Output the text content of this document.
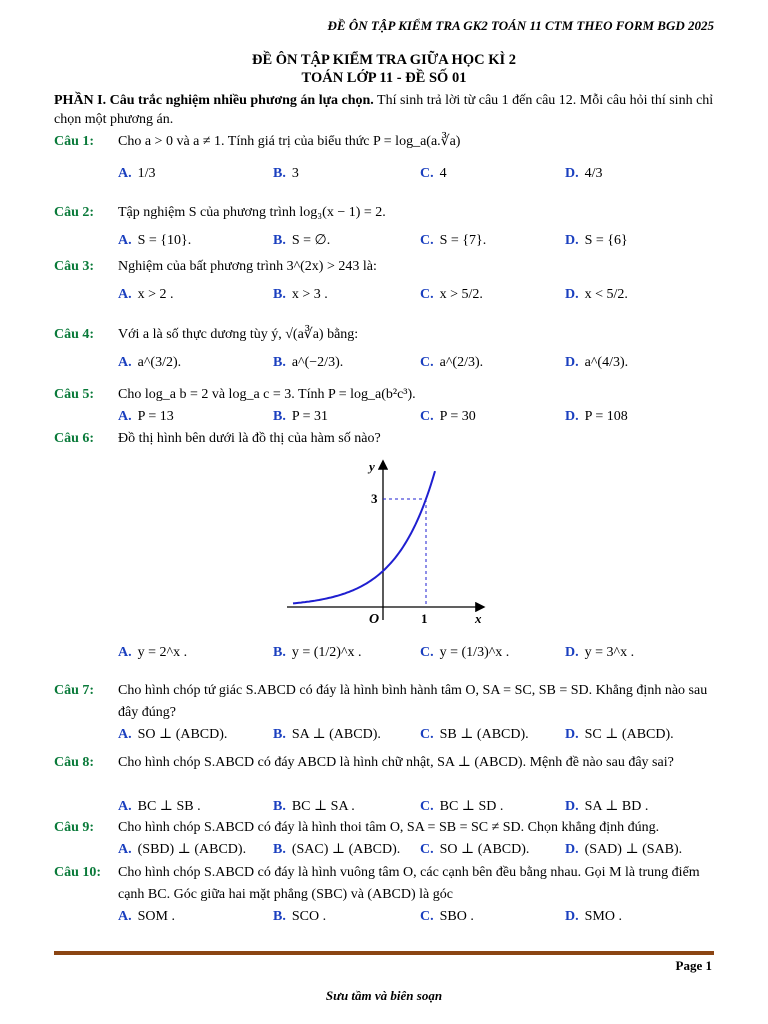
ĐỀ ÔN TẬP KIỂM TRA GK2 TOÁN 11 CTM THEO FORM BGD 2025
ĐỀ ÔN TẬP KIỂM TRA GIỮA HỌC KÌ 2
TOÁN LỚP 11 - ĐỀ SỐ 01
PHẦN I. Câu trắc nghiệm nhiều phương án lựa chọn. Thí sinh trả lời từ câu 1 đến câu 12. Mỗi câu hỏi thí sinh chỉ chọn một phương án.
Câu 1: Cho a > 0 và a ≠ 1. Tính giá trị của biểu thức P = log_a(a.∛a)
A. 1/3	B. 3	C. 4	D. 4/3
Câu 2: Tập nghiệm S của phương trình log₃(x − 1) = 2.
A. S = {10}.	B. S = ∅.	C. S = {7}.	D. S = {6}
Câu 3: Nghiệm của bất phương trình 3^(2x) > 243 là:
A. x > 2 .	B. x > 3 .	C. x > 5/2.	D. x < 5/2.
Câu 4: Với a là số thực dương tùy ý, √(a∛a) bằng:
A. a^(3/2).	B. a^(−2/3).	C. a^(2/3).	D. a^(4/3).
Câu 5: Cho log_a b = 2 và log_a c = 3. Tính P = log_a(b²c³).
A. P = 13	B. P = 31	C. P = 30	D. P = 108
Câu 6: Đồ thị hình bên dưới là đồ thị của hàm số nào?
A. y = 2^x .	B. y = (1/2)^x .	C. y = (1/3)^x .	D. y = 3^x .
Câu 7: Cho hình chóp tứ giác S.ABCD có đáy là hình bình hành tâm O, SA = SC, SB = SD. Khẳng định nào sau đây đúng?
A. SO ⊥ (ABCD).	B. SA ⊥ (ABCD).	C. SB ⊥ (ABCD).	D. SC ⊥ (ABCD).
Câu 8: Cho hình chóp S.ABCD có đáy ABCD là hình chữ nhật, SA ⊥ (ABCD). Mệnh đề nào sau đây sai?
A. BC ⊥ SB .	B. BC ⊥ SA .	C. BC ⊥ SD .	D. SA ⊥ BD .
Câu 9: Cho hình chóp S.ABCD có đáy là hình thoi tâm O, SA = SB = SC ≠ SD. Chọn khẳng định đúng.
A. (SBD) ⊥ (ABCD). B. (SAC) ⊥ (ABCD). C. SO ⊥ (ABCD).	D. (SAD) ⊥ (SAB).
Câu 10: Cho hình chóp S.ABCD có đáy là hình vuông tâm O, các cạnh bên đều bằng nhau. Gọi M là trung điểm cạnh BC. Góc giữa hai mặt phẳng (SBC) và (ABCD) là góc
A. SOM .	B. SCO .	C. SBO .	D. SMO .
y
x
O	1
3
Page 1
Sưu tầm và biên soạn
